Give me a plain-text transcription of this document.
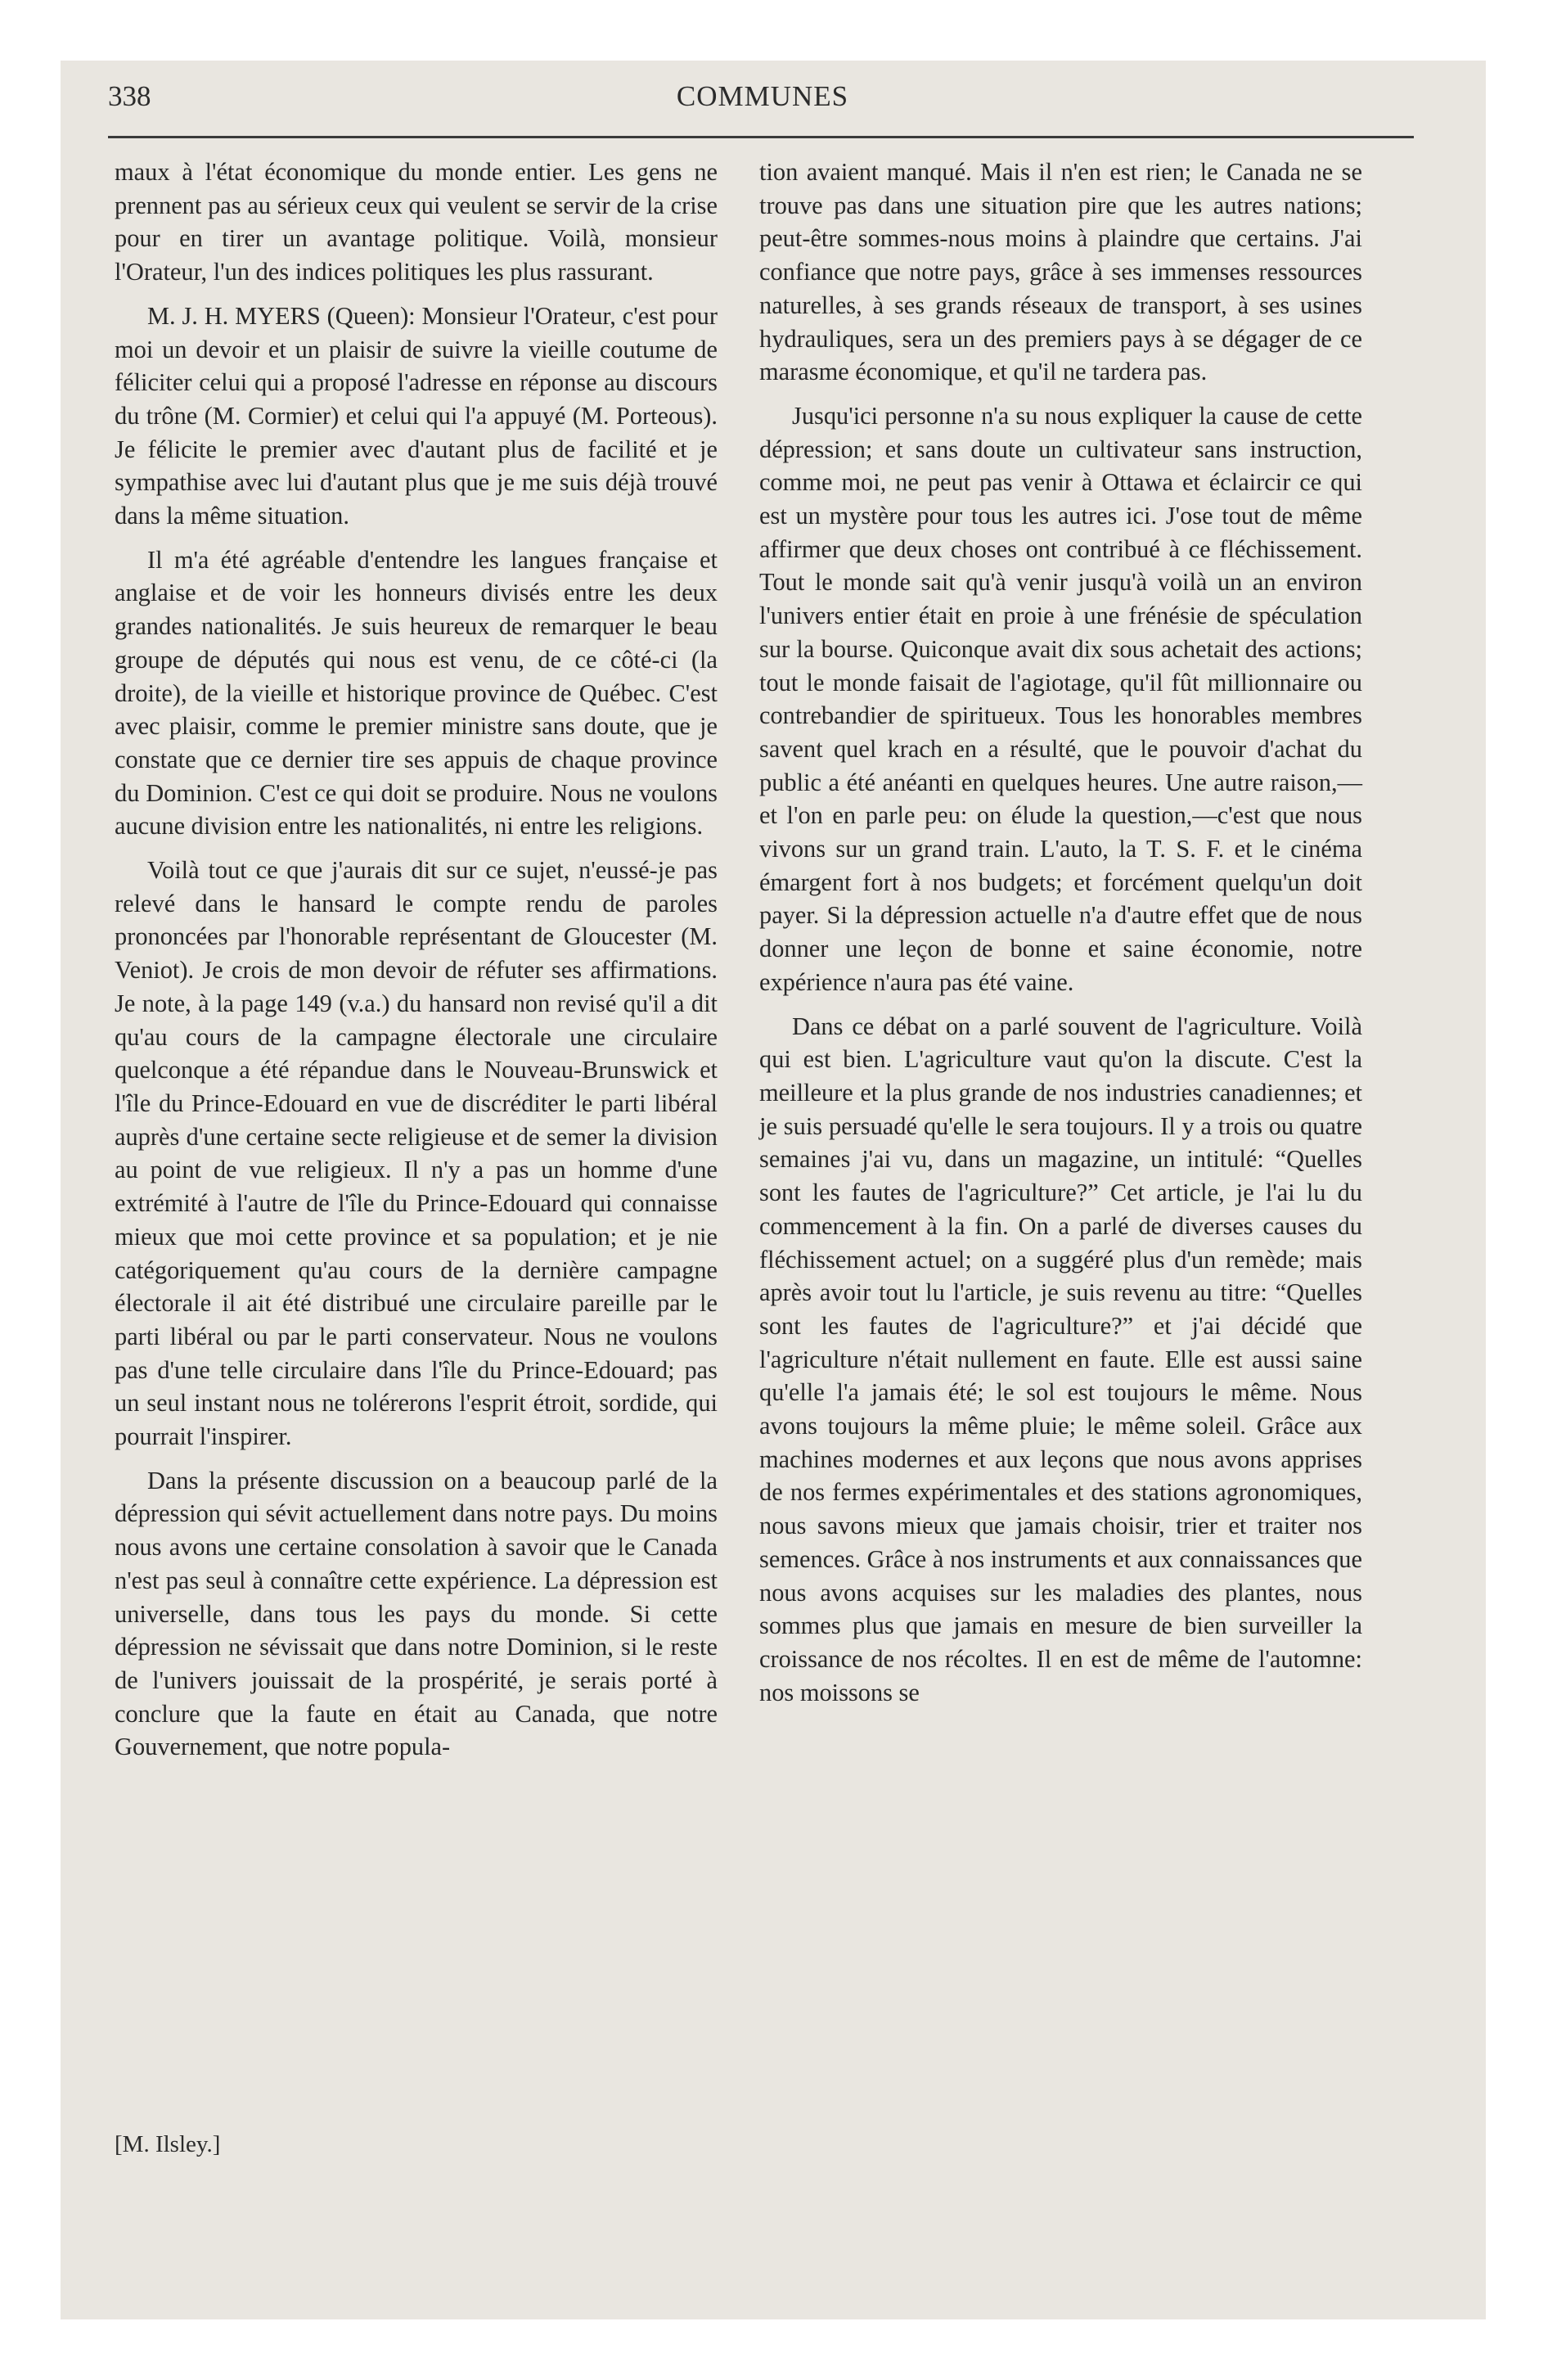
338	COMMUNES

maux à l'état économique du monde entier. Les gens ne prennent pas au sérieux ceux qui veulent se servir de la crise pour en tirer un avantage politique. Voilà, monsieur l'Orateur, l'un des indices politiques les plus rassurant.

M. J. H. MYERS (Queen): Monsieur l'Orateur, c'est pour moi un devoir et un plaisir de suivre la vieille coutume de féliciter celui qui a proposé l'adresse en réponse au discours du trône (M. Cormier) et celui qui l'a appuyé (M. Porteous). Je félicite le premier avec d'autant plus de facilité et je sympathise avec lui d'autant plus que je me suis déjà trouvé dans la même situation.

Il m'a été agréable d'entendre les langues française et anglaise et de voir les honneurs divisés entre les deux grandes nationalités. Je suis heureux de remarquer le beau groupe de députés qui nous est venu, de ce côté-ci (la droite), de la vieille et historique province de Québec. C'est avec plaisir, comme le premier ministre sans doute, que je constate que ce dernier tire ses appuis de chaque province du Dominion. C'est ce qui doit se produire. Nous ne voulons aucune division entre les nationalités, ni entre les religions.

Voilà tout ce que j'aurais dit sur ce sujet, n'eussé-je pas relevé dans le hansard le compte rendu de paroles prononcées par l'honorable représentant de Gloucester (M. Veniot). Je crois de mon devoir de réfuter ses affirmations. Je note, à la page 149 (v.a.) du hansard non revisé qu'il a dit qu'au cours de la campagne électorale une circulaire quelconque a été répandue dans le Nouveau-Brunswick et l'île du Prince-Edouard en vue de discréditer le parti libéral auprès d'une certaine secte religieuse et de semer la division au point de vue religieux. Il n'y a pas un homme d'une extrémité à l'autre de l'île du Prince-Edouard qui connaisse mieux que moi cette province et sa population; et je nie catégoriquement qu'au cours de la dernière campagne électorale il ait été distribué une circulaire pareille par le parti libéral ou par le parti conservateur. Nous ne voulons pas d'une telle circulaire dans l'île du Prince-Edouard; pas un seul instant nous ne tolérerons l'esprit étroit, sordide, qui pourrait l'inspirer.

Dans la présente discussion on a beaucoup parlé de la dépression qui sévit actuellement dans notre pays. Du moins nous avons une certaine consolation à savoir que le Canada n'est pas seul à connaître cette expérience. La dépression est universelle, dans tous les pays du monde. Si cette dépression ne sévissait que dans notre Dominion, si le reste de l'univers jouissait de la prospérité, je serais porté à conclure que la faute en était au Canada, que notre Gouvernement, que notre popula-

tion avaient manqué. Mais il n'en est rien; le Canada ne se trouve pas dans une situation pire que les autres nations; peut-être sommes-nous moins à plaindre que certains. J'ai confiance que notre pays, grâce à ses immenses ressources naturelles, à ses grands réseaux de transport, à ses usines hydrauliques, sera un des premiers pays à se dégager de ce marasme économique, et qu'il ne tardera pas.

Jusqu'ici personne n'a su nous expliquer la cause de cette dépression; et sans doute un cultivateur sans instruction, comme moi, ne peut pas venir à Ottawa et éclaircir ce qui est un mystère pour tous les autres ici. J'ose tout de même affirmer que deux choses ont contribué à ce fléchissement. Tout le monde sait qu'à venir jusqu'à voilà un an environ l'univers entier était en proie à une frénésie de spéculation sur la bourse. Quiconque avait dix sous achetait des actions; tout le monde faisait de l'agiotage, qu'il fût millionnaire ou contrebandier de spiritueux. Tous les honorables membres savent quel krach en a résulté, que le pouvoir d'achat du public a été anéanti en quelques heures. Une autre raison,—et l'on en parle peu: on élude la question,—c'est que nous vivons sur un grand train. L'auto, la T. S. F. et le cinéma émargent fort à nos budgets; et forcément quelqu'un doit payer. Si la dépression actuelle n'a d'autre effet que de nous donner une leçon de bonne et saine économie, notre expérience n'aura pas été vaine.

Dans ce débat on a parlé souvent de l'agriculture. Voilà qui est bien. L'agriculture vaut qu'on la discute. C'est la meilleure et la plus grande de nos industries canadiennes; et je suis persuadé qu'elle le sera toujours. Il y a trois ou quatre semaines j'ai vu, dans un magazine, un intitulé: “Quelles sont les fautes de l'agriculture?” Cet article, je l'ai lu du commencement à la fin. On a parlé de diverses causes du fléchissement actuel; on a suggéré plus d'un remède; mais après avoir tout lu l'article, je suis revenu au titre: “Quelles sont les fautes de l'agriculture?” et j'ai décidé que l'agriculture n'était nullement en faute. Elle est aussi saine qu'elle l'a jamais été; le sol est toujours le même. Nous avons toujours la même pluie; le même soleil. Grâce aux machines modernes et aux leçons que nous avons apprises de nos fermes expérimentales et des stations agronomiques, nous savons mieux que jamais choisir, trier et traiter nos semences. Grâce à nos instruments et aux connaissances que nous avons acquises sur les maladies des plantes, nous sommes plus que jamais en mesure de bien surveiller la croissance de nos récoltes. Il en est de même de l'automne: nos moissons se

[M. Ilsley.]
